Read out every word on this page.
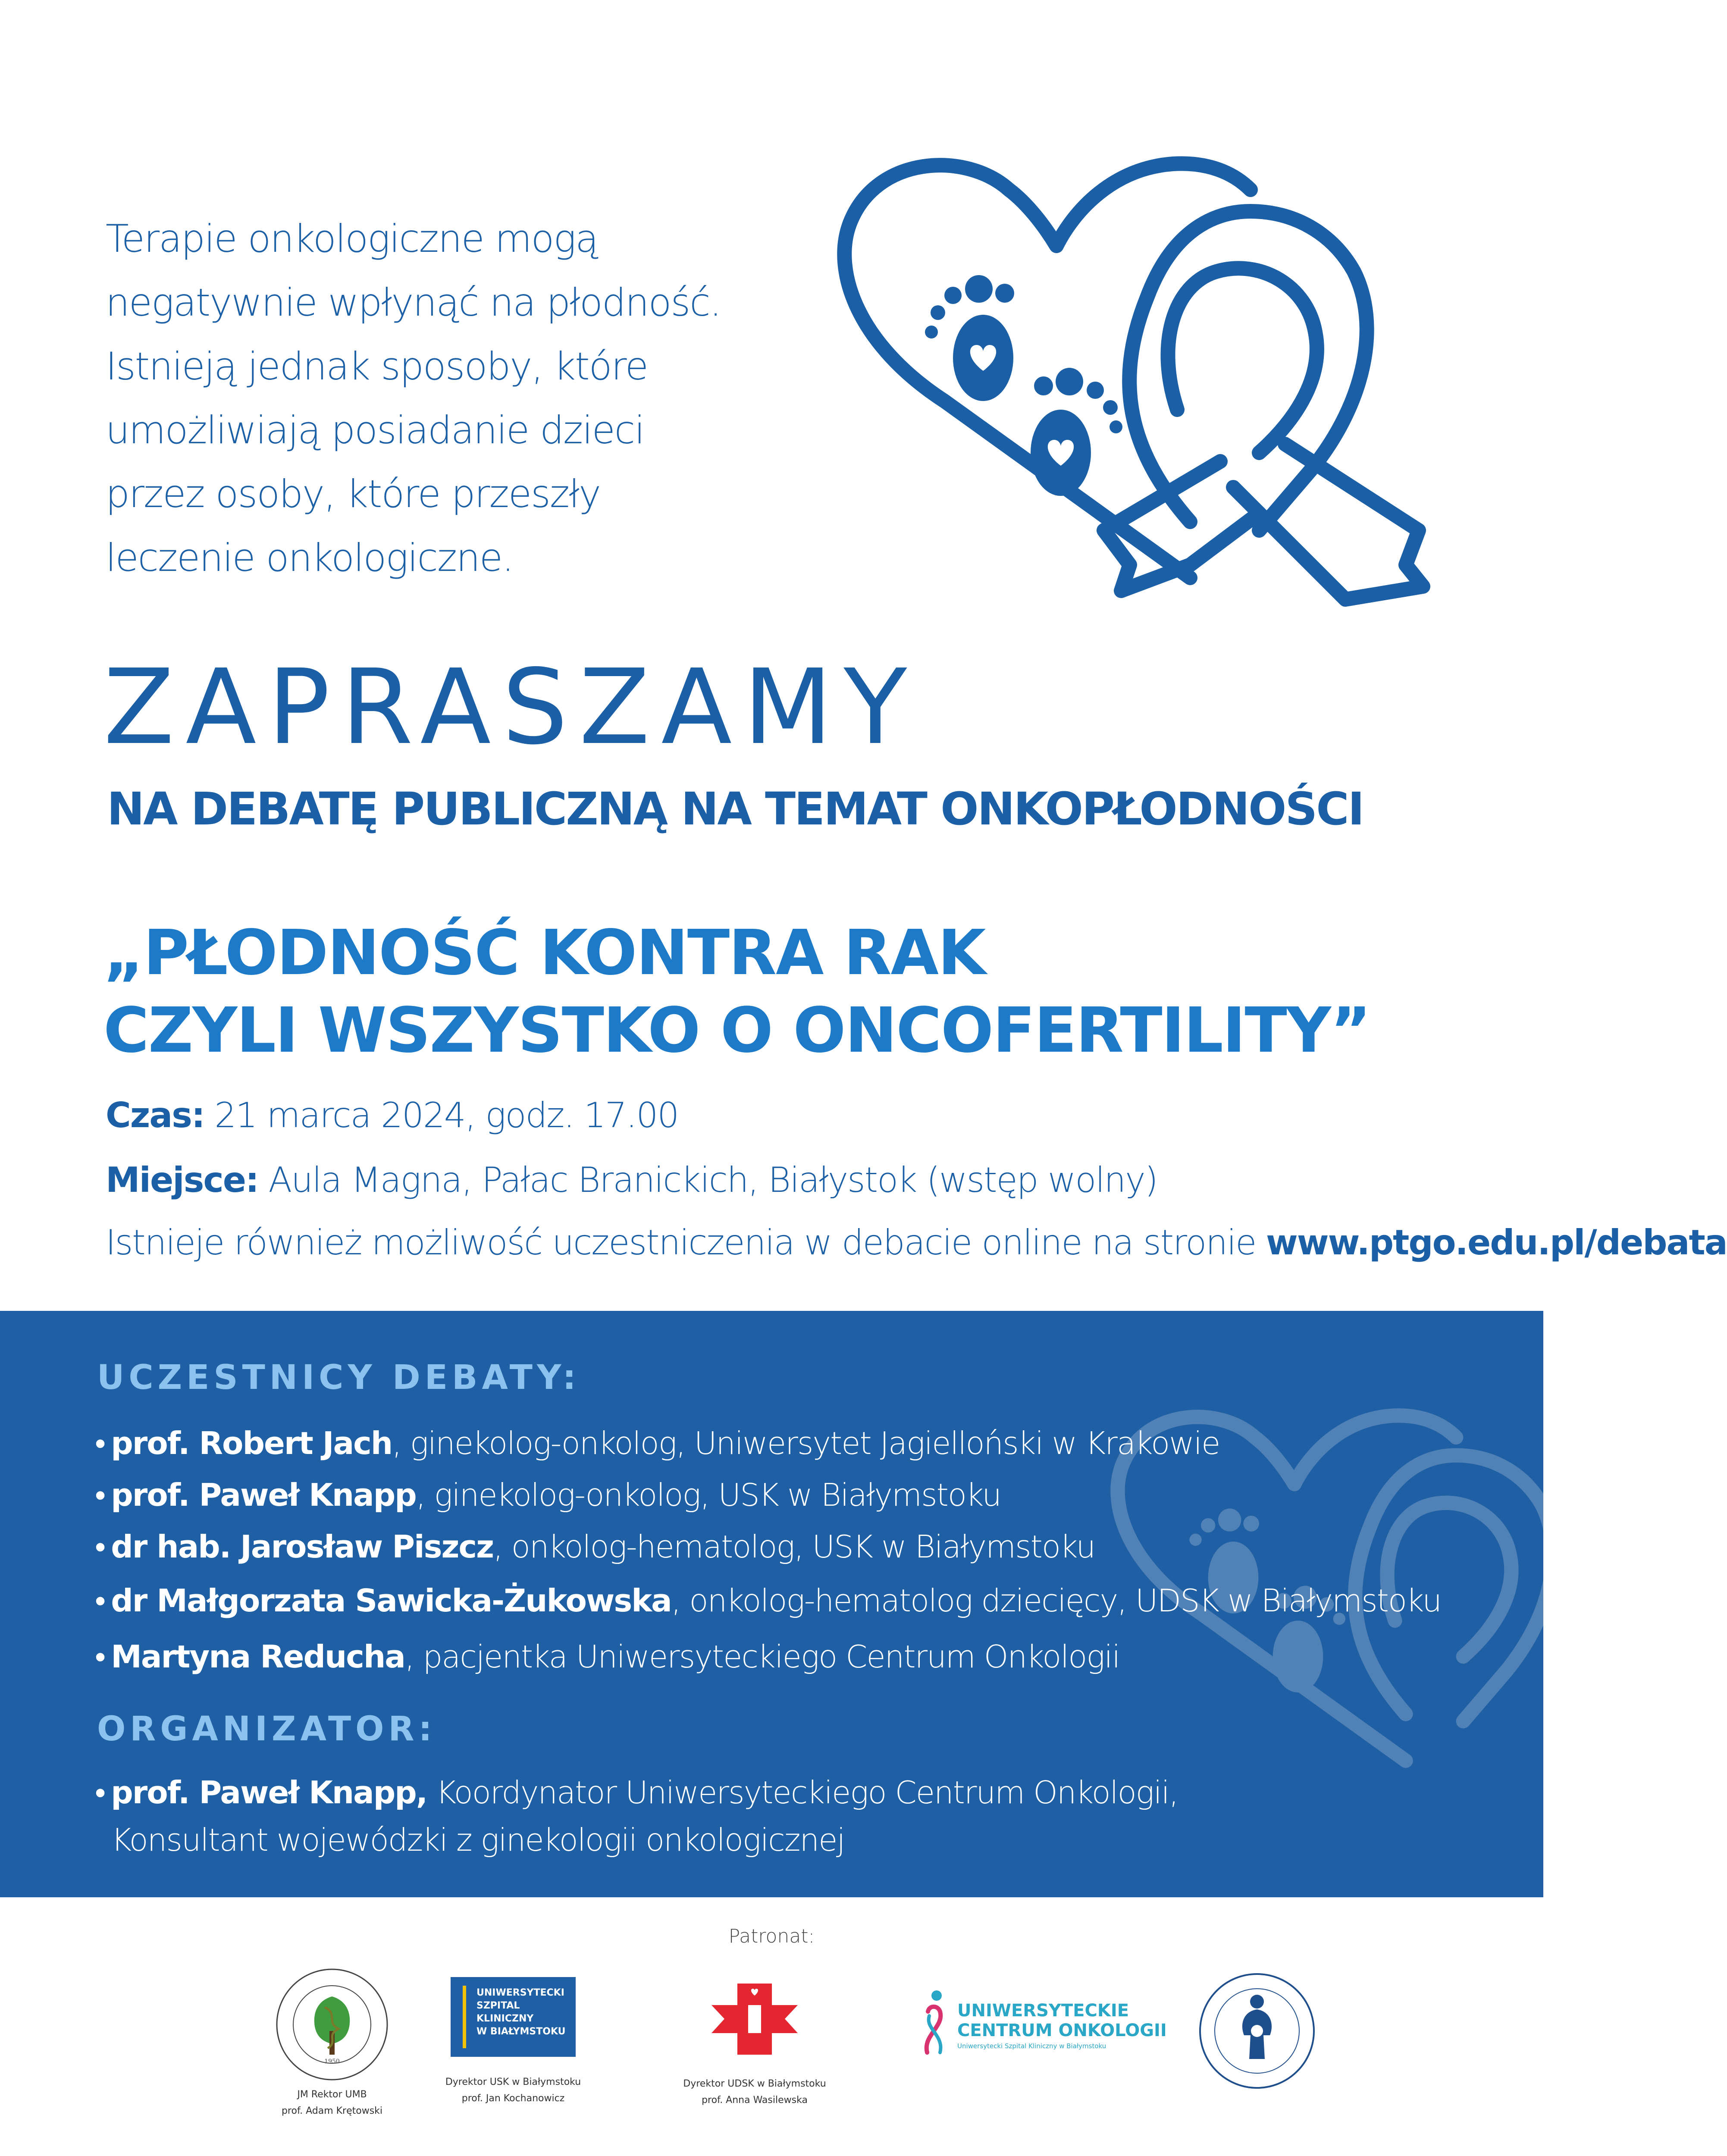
Terapie onkologiczne mogą
negatywnie wpłynąć na płodność.
Istnieją jednak sposoby, które
umożliwiają posiadanie dzieci
przez osoby, które przeszły
leczenie onkologiczne.
ZAPRASZAMY
NA DEBATĘ PUBLICZNĄ NA TEMAT ONKOPŁODNOŚCI
„PŁODNOŚĆ KONTRA RAK
CZYLI WSZYSTKO O ONCOFERTILITY”
Czas: 21 marca 2024, godz. 17.00
Miejsce: Aula Magna, Pałac Branickich, Białystok (wstęp wolny)
Istnieje również możliwość uczestniczenia w debacie online na stronie www.ptgo.edu.pl/debata
UCZESTNICY DEBATY:
• prof. Robert Jach, ginekolog-onkolog, Uniwersytet Jagielloński w Krakowie
• prof. Paweł Knapp, ginekolog-onkolog, USK w Białymstoku
• dr hab. Jarosław Piszcz, onkolog-hematolog, USK w Białymstoku
• dr Małgorzata Sawicka-Żukowska, onkolog-hematolog dziecięcy, UDSK w Białymstoku
• Martyna Reducha, pacjentka Uniwersyteckiego Centrum Onkologii
ORGANIZATOR:
• prof. Paweł Knapp, Koordynator Uniwersyteckiego Centrum Onkologii,
Konsultant wojewódzki z ginekologii onkologicznej
Patronat:
1950
JM Rektor UMB
prof. Adam Krętowski
UNIWERSYTECKI
SZPITAL
KLINICZNY
W BIAŁYMSTOKU
Dyrektor USK w Białymstoku
prof. Jan Kochanowicz
Dyrektor UDSK w Białymstoku
prof. Anna Wasilewska
UNIWERSYTECKIE
CENTRUM ONKOLOGII
Uniwersytecki Szpital Kliniczny w Białymstoku
